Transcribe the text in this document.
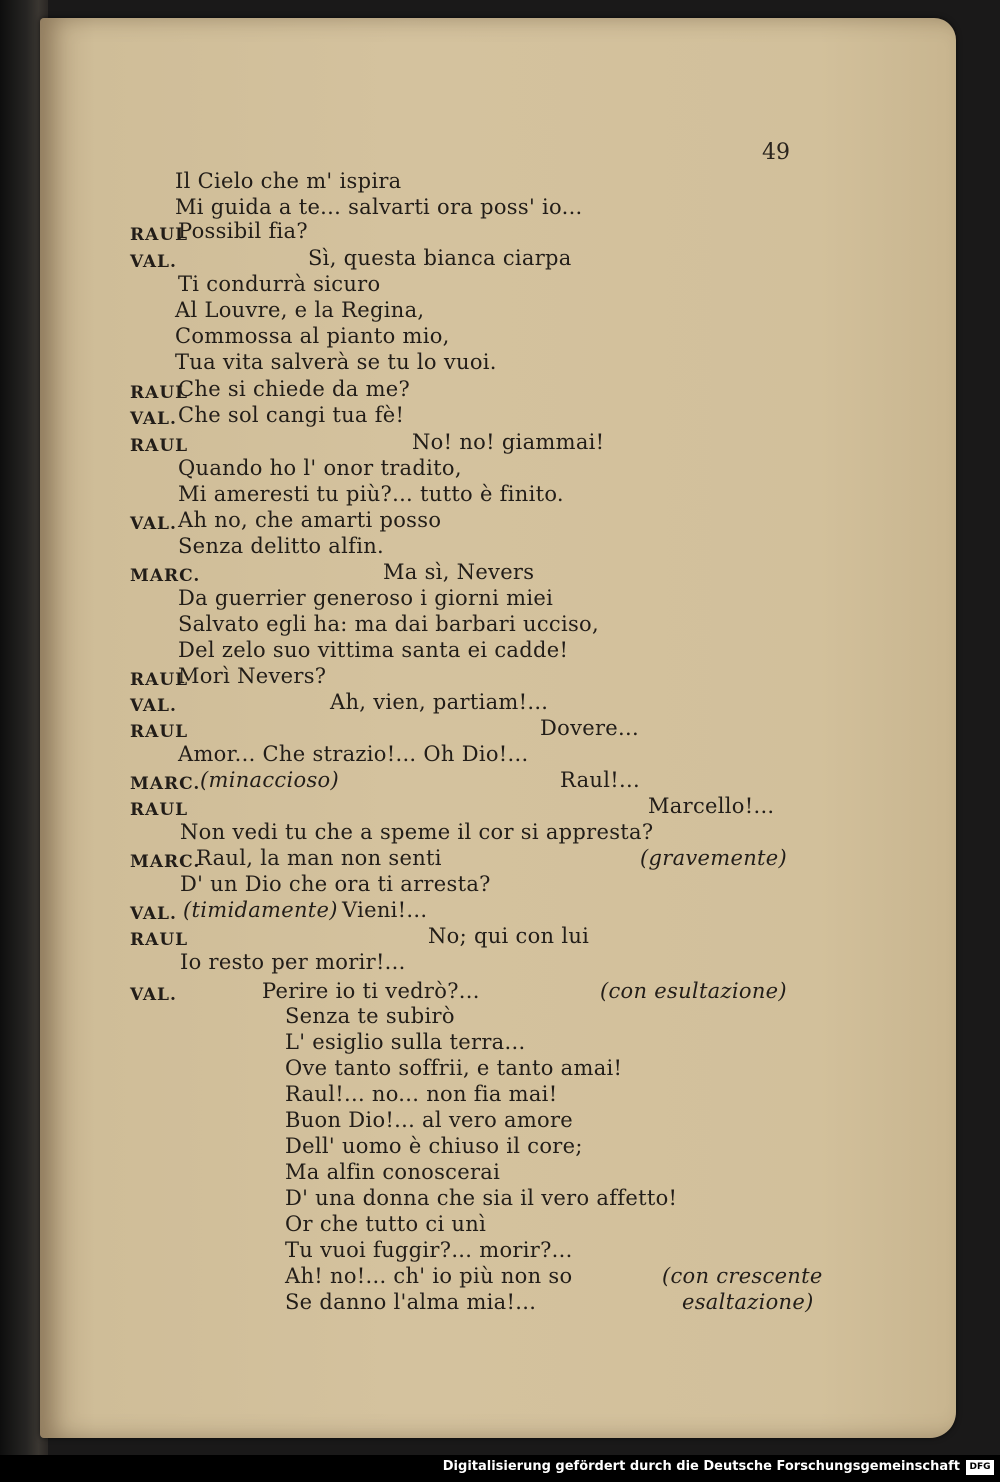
49
Il Cielo che m' ispira
Mi guida a te... salvarti ora poss' io...
RAUL
Possibil fia?
VAL.	Sì, questa bianca ciarpa
Ti condurrà sicuro
Al Louvre, e la Regina,
Commossa al pianto mio,
Tua vita salverà se tu lo vuoi.
RAUL
Che si chiede da me?
VAL. Che sol cangi tua fè!
RAUL	No! no! giammai!
Quando ho l' onor tradito,
Mi ameresti tu più?... tutto è finito.
VAL. Ah no, che amarti posso
Senza delitto alfin.
MARC.	Ma sì, Nevers
Da guerrier generoso i giorni miei
Salvato egli ha: ma dai barbari ucciso,
Del zelo suo vittima santa ei cadde!
RAUL
Morì Nevers?
VAL.	Ah, vien, partiam!...
RAUL	Dovere...
Amor... Che strazio!... Oh Dio!...
MARC. (minaccioso)	Raul!...
RAUL	Marcello!...
Non vedi tu che a speme il cor si appresta?
MARC.
Raul, la man non senti	(gravemente)
D' un Dio che ora ti arresta?
VAL. (timidamente) Vieni!...
RAUL	No; qui con lui
Io resto per morir!...
VAL.	Perire io ti vedrò?...	(con esultazione)
Senza te subirò
L' esiglio sulla terra...
Ove tanto soffrii, e tanto amai!
Raul!... no... non fia mai!
Buon Dio!... al vero amore
Dell' uomo è chiuso il core;
Ma alfin conoscerai
D' una donna che sia il vero affetto!
Or che tutto ci unì
Tu vuoi fuggir?... morir?...
Ah! no!... ch' io più non so	(con crescente
Se danno l'alma mia!...	esaltazione)
Digitalisierung gefördert durch die Deutsche Forschungsgemeinschaft	DFG
